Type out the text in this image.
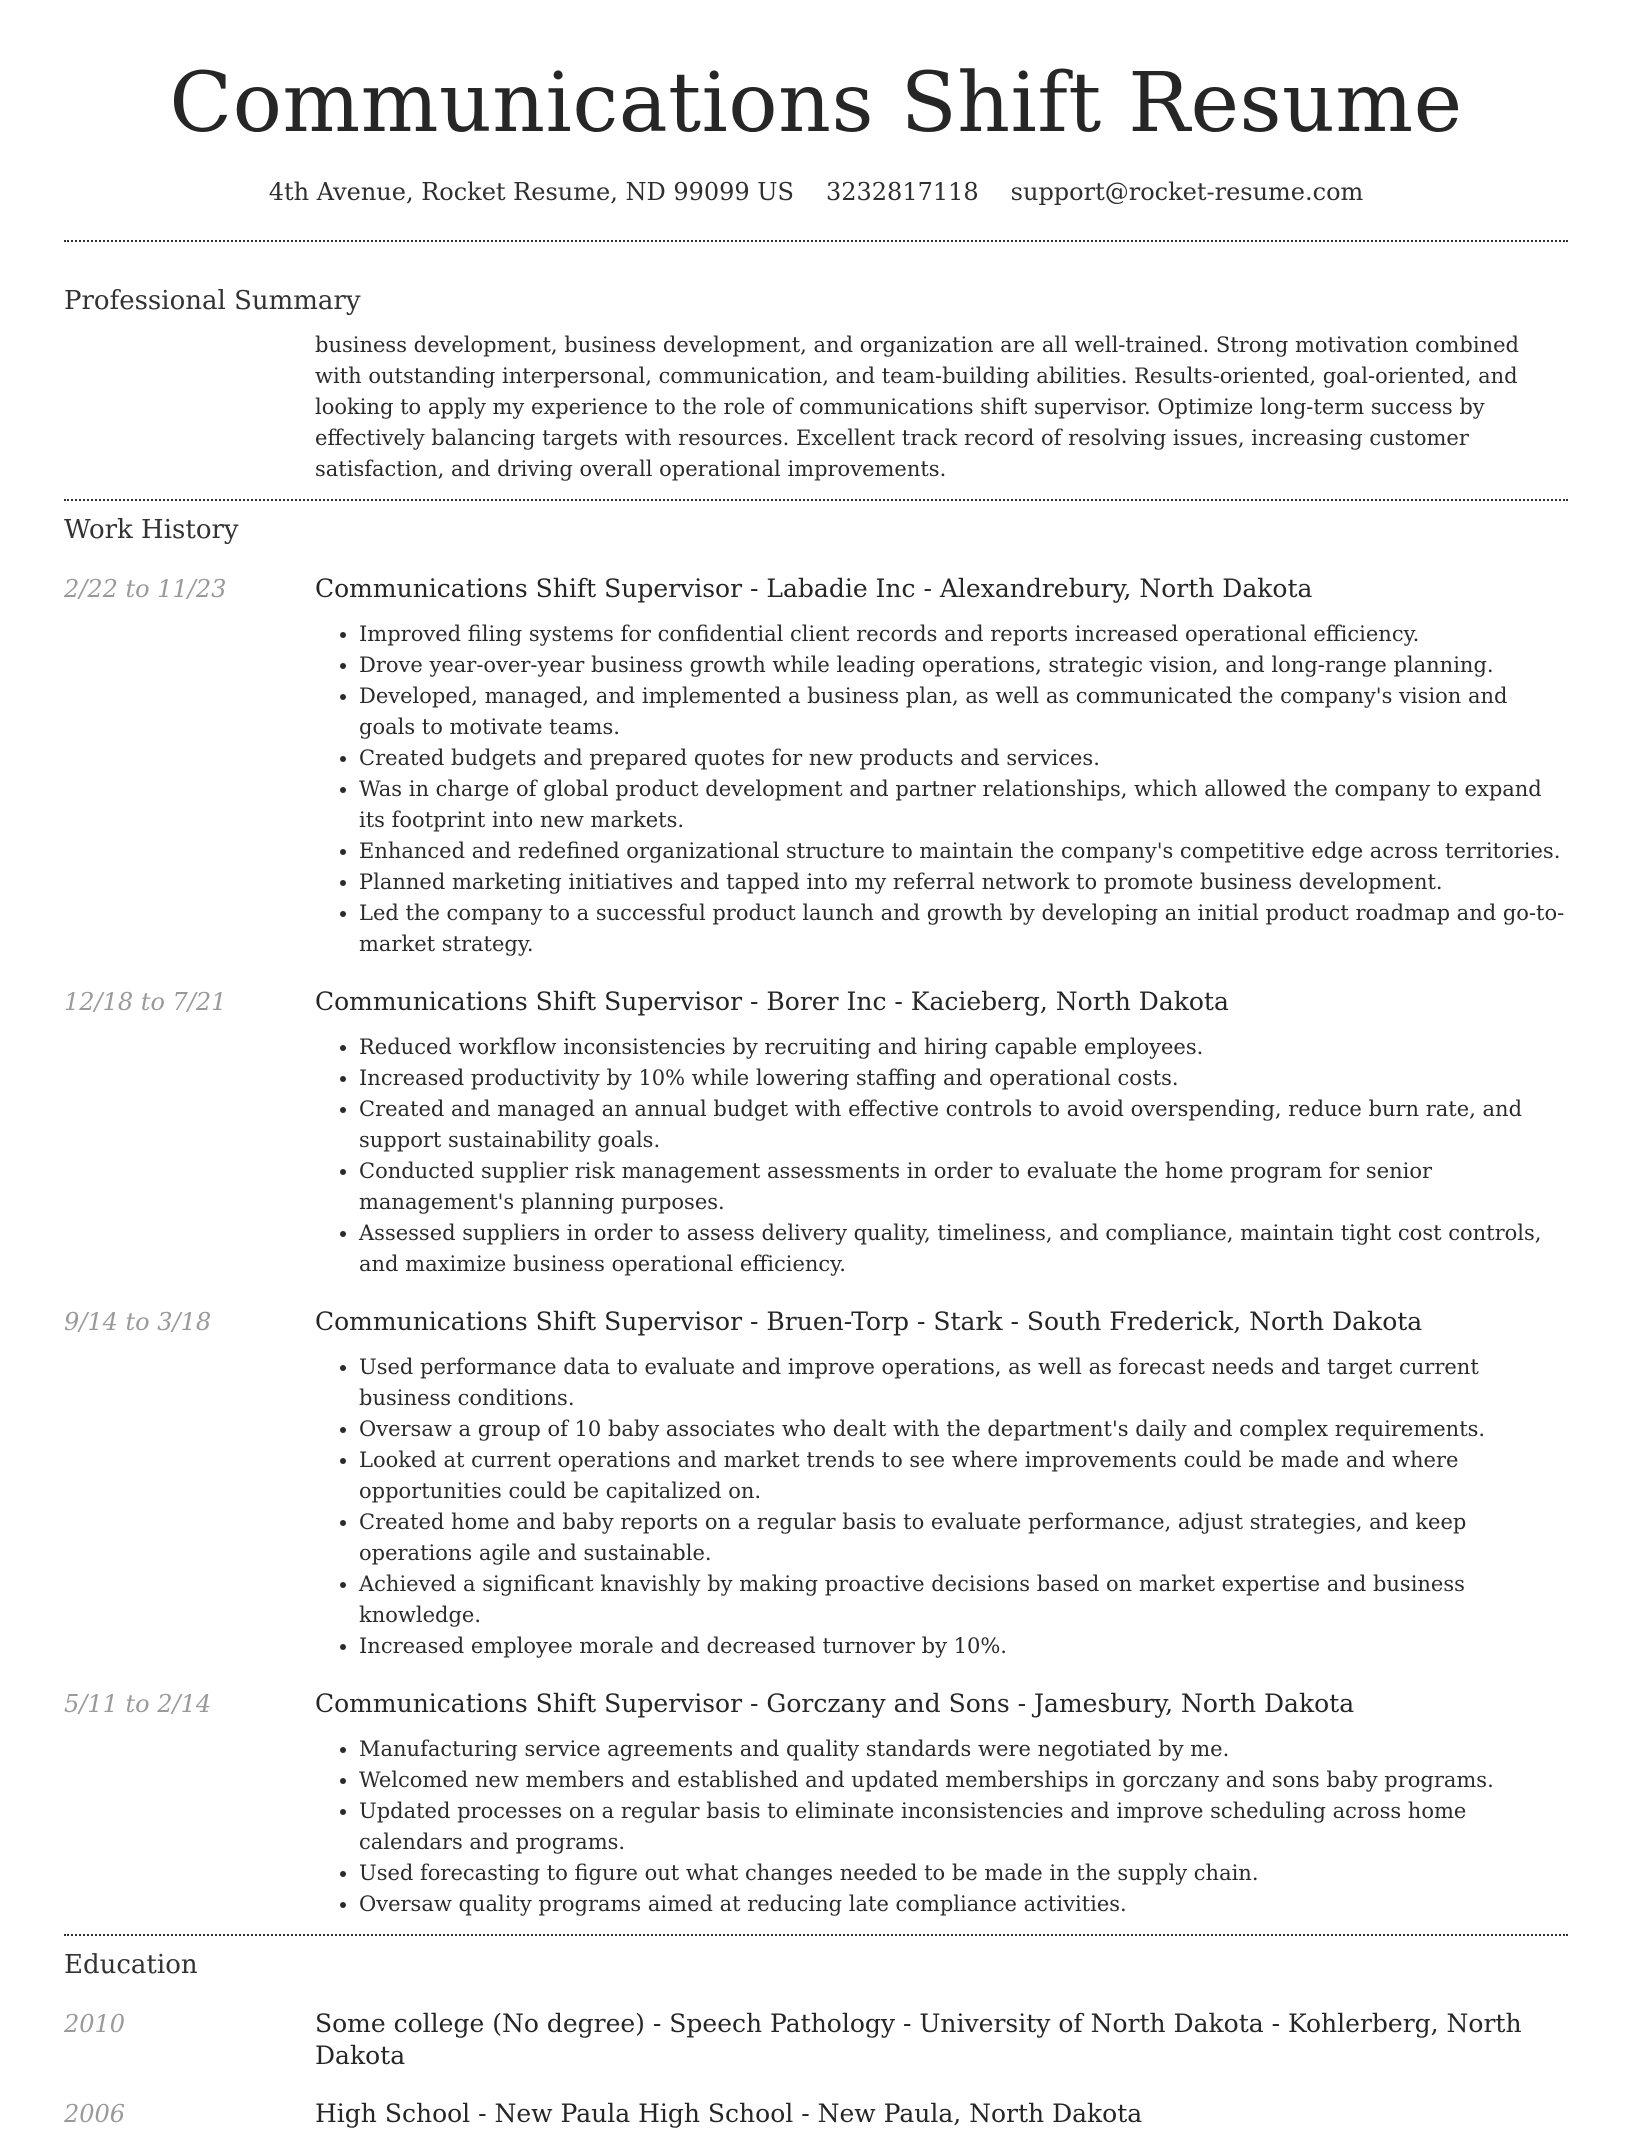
Communications Shift Resume
4th Avenue, Rocket Resume, ND 99099 US 3232817118 support@rocket-resume.com
Professional Summary

business development, business development, and organization are all well-trained. Strong motivation combined with outstanding interpersonal, communication, and team-building abilities. Results-oriented, goal-oriented, and looking to apply my experience to the role of communications shift supervisor. Optimize long-term success by effectively balancing targets with resources. Excellent track record of resolving issues, increasing customer satisfaction, and driving overall operational improvements.

Work History
2/22 to 11/23	Communications Shift Supervisor - Labadie Inc - Alexandrebury, North Dakota
• Improved filing systems for confidential client records and reports increased operational efficiency.
• Drove year-over-year business growth while leading operations, strategic vision, and long-range planning.
• Developed, managed, and implemented a business plan, as well as communicated the company's vision and goals to motivate teams.
• Created budgets and prepared quotes for new products and services.
• Was in charge of global product development and partner relationships, which allowed the company to expand its footprint into new markets.
• Enhanced and redefined organizational structure to maintain the company's competitive edge across territories.
• Planned marketing initiatives and tapped into my referral network to promote business development.
• Led the company to a successful product launch and growth by developing an initial product roadmap and go-to-market strategy.
12/18 to 7/21	Communications Shift Supervisor - Borer Inc - Kacieberg, North Dakota
• Reduced workflow inconsistencies by recruiting and hiring capable employees.
• Increased productivity by 10% while lowering staffing and operational costs.
• Created and managed an annual budget with effective controls to avoid overspending, reduce burn rate, and support sustainability goals.
• Conducted supplier risk management assessments in order to evaluate the home program for senior management's planning purposes.
• Assessed suppliers in order to assess delivery quality, timeliness, and compliance, maintain tight cost controls, and maximize business operational efficiency.
9/14 to 3/18	Communications Shift Supervisor - Bruen-Torp - Stark - South Frederick, North Dakota
• Used performance data to evaluate and improve operations, as well as forecast needs and target current business conditions.
• Oversaw a group of 10 baby associates who dealt with the department's daily and complex requirements.
• Looked at current operations and market trends to see where improvements could be made and where opportunities could be capitalized on.
• Created home and baby reports on a regular basis to evaluate performance, adjust strategies, and keep operations agile and sustainable.
• Achieved a significant knavishly by making proactive decisions based on market expertise and business knowledge.
• Increased employee morale and decreased turnover by 10%.
5/11 to 2/14	Communications Shift Supervisor - Gorczany and Sons - Jamesbury, North Dakota
• Manufacturing service agreements and quality standards were negotiated by me.
• Welcomed new members and established and updated memberships in gorczany and sons baby programs.
• Updated processes on a regular basis to eliminate inconsistencies and improve scheduling across home calendars and programs.
• Used forecasting to figure out what changes needed to be made in the supply chain.
• Oversaw quality programs aimed at reducing late compliance activities.
Education
2010	Some college (No degree) - Speech Pathology - University of North Dakota - Kohlerberg, North Dakota
2006	High School - New Paula High School - New Paula, North Dakota
